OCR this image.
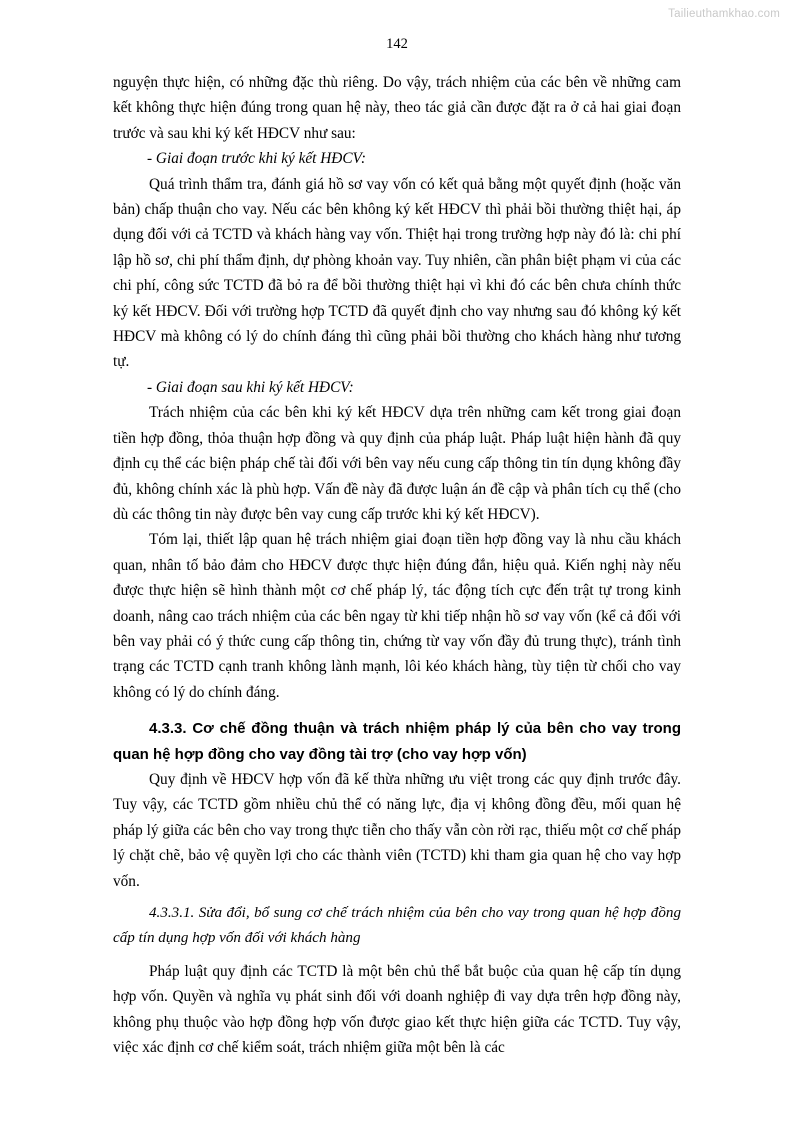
Tailieuthamkhao.com
142

nguyện thực hiện, có những đặc thù riêng. Do vậy, trách nhiệm của các bên về những cam kết không thực hiện đúng trong quan hệ này, theo tác giả cần được đặt ra ở cả hai giai đoạn trước và sau khi ký kết HĐCV như sau:

- Giai đoạn trước khi ký kết HĐCV:

Quá trình thẩm tra, đánh giá hồ sơ vay vốn có kết quả bằng một quyết định (hoặc văn bản) chấp thuận cho vay. Nếu các bên không ký kết HĐCV thì phải bồi thường thiệt hại, áp dụng đối với cả TCTD và khách hàng vay vốn. Thiệt hại trong trường hợp này đó là: chi phí lập hồ sơ, chi phí thẩm định, dự phòng khoản vay. Tuy nhiên, cần phân biệt phạm vi của các chi phí, công sức TCTD đã bỏ ra để bồi thường thiệt hại vì khi đó các bên chưa chính thức ký kết HĐCV. Đối với trường hợp TCTD đã quyết định cho vay nhưng sau đó không ký kết HĐCV mà không có lý do chính đáng thì cũng phải bồi thường cho khách hàng như tương tự.

- Giai đoạn sau khi ký kết HĐCV:

Trách nhiệm của các bên khi ký kết HĐCV dựa trên những cam kết trong giai đoạn tiền hợp đồng, thỏa thuận hợp đồng và quy định của pháp luật. Pháp luật hiện hành đã quy định cụ thể các biện pháp chế tài đối với bên vay nếu cung cấp thông tin tín dụng không đầy đủ, không chính xác là phù hợp. Vấn đề này đã được luận án đề cập và phân tích cụ thể (cho dù các thông tin này được bên vay cung cấp trước khi ký kết HĐCV).

Tóm lại, thiết lập quan hệ trách nhiệm giai đoạn tiền hợp đồng vay là nhu cầu khách quan, nhân tố bảo đảm cho HĐCV được thực hiện đúng đắn, hiệu quả. Kiến nghị này nếu được thực hiện sẽ hình thành một cơ chế pháp lý, tác động tích cực đến trật tự trong kinh doanh, nâng cao trách nhiệm của các bên ngay từ khi tiếp nhận hồ sơ vay vốn (kể cả đối với bên vay phải có ý thức cung cấp thông tin, chứng từ vay vốn đầy đủ trung thực), tránh tình trạng các TCTD cạnh tranh không lành mạnh, lôi kéo khách hàng, tùy tiện từ chối cho vay không có lý do chính đáng.

4.3.3. Cơ chế đồng thuận và trách nhiệm pháp lý của bên cho vay trong quan hệ hợp đồng cho vay đồng tài trợ (cho vay hợp vốn)

Quy định về HĐCV hợp vốn đã kế thừa những ưu việt trong các quy định trước đây. Tuy vậy, các TCTD gồm nhiều chủ thể có năng lực, địa vị không đồng đều, mối quan hệ pháp lý giữa các bên cho vay trong thực tiễn cho thấy vẫn còn rời rạc, thiếu một cơ chế pháp lý chặt chẽ, bảo vệ quyền lợi cho các thành viên (TCTD) khi tham gia quan hệ cho vay hợp vốn.

4.3.3.1. Sửa đổi, bổ sung cơ chế trách nhiệm của bên cho vay trong quan hệ hợp đồng cấp tín dụng hợp vốn đối với khách hàng

Pháp luật quy định các TCTD là một bên chủ thể bắt buộc của quan hệ cấp tín dụng hợp vốn. Quyền và nghĩa vụ phát sinh đối với doanh nghiệp đi vay dựa trên hợp đồng này, không phụ thuộc vào hợp đồng hợp vốn được giao kết thực hiện giữa các TCTD. Tuy vậy, việc xác định cơ chế kiểm soát, trách nhiệm giữa một bên là các
